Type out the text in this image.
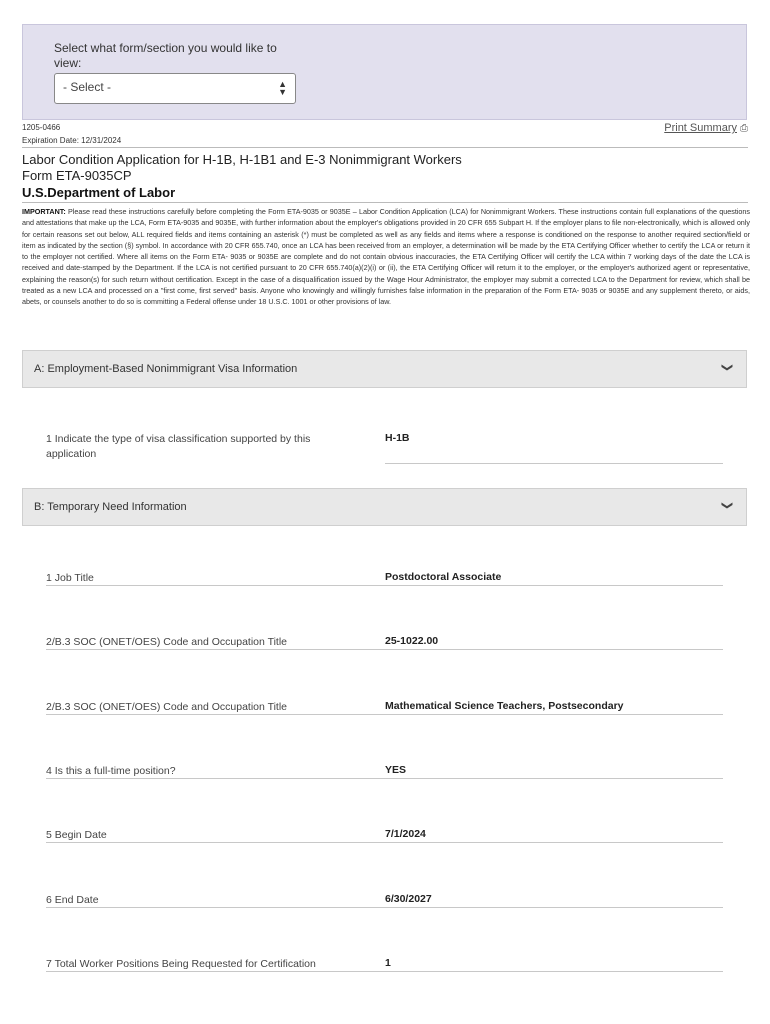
Select what form/section you would like to view:
- Select -	▲
▼
1205-0466
Expiration Date: 12/31/2024
Print Summary ⎙
Labor Condition Application for H-1B, H-1B1 and E-3 Nonimmigrant Workers
Form ETA-9035CP
U.S.Department of Labor
IMPORTANT: Please read these instructions carefully before completing the Form ETA-9035 or 9035E – Labor Condition Application (LCA) for Nonimmigrant Workers. These instructions contain full explanations of the questions and attestations that make up the LCA, Form ETA-9035 and 9035E, with further information about the employer's obligations provided in 20 CFR 655 Subpart H. If the employer plans to file non-electronically, which is allowed only for certain reasons set out below, ALL required fields and items containing an asterisk (*) must be completed as well as any fields and items where a response is conditioned on the response to another required section/field or item as indicated by the section (§) symbol. In accordance with 20 CFR 655.740, once an LCA has been received from an employer, a determination will be made by the ETA Certifying Officer whether to certify the LCA or return it to the employer not certified. Where all items on the Form ETA- 9035 or 9035E are complete and do not contain obvious inaccuracies, the ETA Certifying Officer will certify the LCA within 7 working days of the date the LCA is received and date-stamped by the Department. If the LCA is not certified pursuant to 20 CFR 655.740(a)(2)(i) or (ii), the ETA Certifying Officer will return it to the employer, or the employer's authorized agent or representative, explaining the reason(s) for such return without certification. Except in the case of a disqualification issued by the Wage Hour Administrator, the employer may submit a corrected LCA to the Department for review, which shall be treated as a new LCA and processed on a "first come, first served" basis. Anyone who knowingly and willingly furnishes false information in the preparation of the Form ETA- 9035 or 9035E and any supplement thereto, or aids, abets, or counsels another to do so is committing a Federal offense under 18 U.S.C. 1001 or other provisions of law.
A: Employment-Based Nonimmigrant Visa Information	❯
1 Indicate the type of visa classification supported by this application
H-1B
B: Temporary Need Information	❯
1 Job Title	Postdoctoral Associate
2/B.3 SOC (ONET/OES) Code and Occupation Title	25-1022.00
2/B.3 SOC (ONET/OES) Code and Occupation Title	Mathematical Science Teachers, Postsecondary
4 Is this a full-time position?	YES
5 Begin Date	7/1/2024
6 End Date	6/30/2027
7 Total Worker Positions Being Requested for Certification	1
